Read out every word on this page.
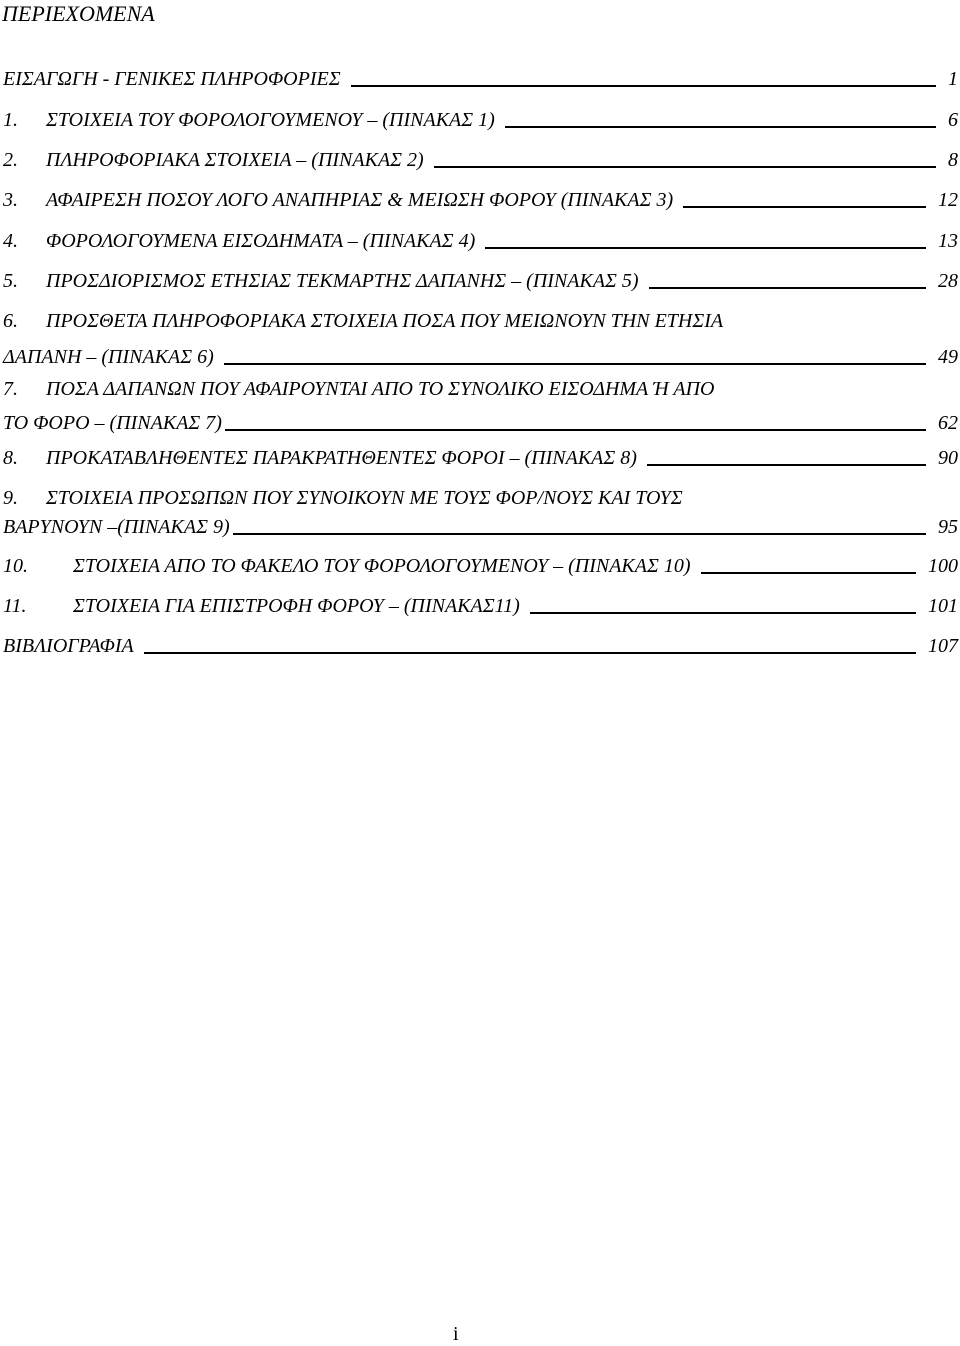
ΠΕΡΙΕΧΟΜΕΝΑ
ΕΙΣΑΓΩΓΗ - ΓΕΝΙΚΕΣ ΠΛΗΡΟΦΟΡΙΕΣ	1
1.	ΣΤΟΙΧΕΙΑ ΤΟΥ ΦΟΡΟΛΟΓΟΥΜΕΝΟΥ – (ΠΙΝΑΚΑΣ 1)	6
2.	ΠΛΗΡΟΦΟΡΙΑΚΑ ΣΤΟΙΧΕΙΑ – (ΠΙΝΑΚΑΣ 2)	8
3.	ΑΦΑΙΡΕΣΗ ΠΟΣΟΥ ΛΟΓΟ ΑΝΑΠΗΡΙΑΣ & ΜΕΙΩΣΗ ΦΟΡΟΥ (ΠΙΝΑΚΑΣ 3)	12
4.	ΦΟΡΟΛΟΓΟΥΜΕΝΑ ΕΙΣΟΔΗΜΑΤΑ – (ΠΙΝΑΚΑΣ 4)	13
5.	ΠΡΟΣΔΙΟΡΙΣΜΟΣ ΕΤΗΣΙΑΣ ΤΕΚΜΑΡΤΗΣ ΔΑΠΑΝΗΣ – (ΠΙΝΑΚΑΣ 5)	28
6. ΠΡΟΣΘΕΤΑ ΠΛΗΡΟΦΟΡΙΑΚΑ ΣΤΟΙΧΕΙΑ ΠΟΣΑ ΠΟΥ ΜΕΙΩΝΟΥΝ ΤΗΝ ΕΤΗΣΙΑ
ΔΑΠΑΝΗ – (ΠΙΝΑΚΑΣ 6)	49
7. ΠΟΣΑ ΔΑΠΑΝΩΝ ΠΟΥ ΑΦΑΙΡΟΥΝΤΑΙ ΑΠΟ ΤΟ ΣΥΝΟΛΙΚΟ ΕΙΣΟΔΗΜΑ Ή ΑΠΟ
ΤΟ ΦΟΡΟ – (ΠΙΝΑΚΑΣ 7)	62
8.	ΠΡΟΚΑΤΑΒΛΗΘΕΝΤΕΣ ΠΑΡΑΚΡΑΤΗΘΕΝΤΕΣ ΦΟΡΟΙ – (ΠΙΝΑΚΑΣ 8)	90
9. ΣΤΟΙΧΕΙΑ ΠΡΟΣΩΠΩΝ ΠΟΥ ΣΥΝΟΙΚΟΥΝ ΜΕ ΤΟΥΣ ΦΟΡ/ΝΟΥΣ ΚΑΙ ΤΟΥΣ
ΒΑΡΥΝΟΥΝ –(ΠΙΝΑΚΑΣ 9)	95
10.	ΣΤΟΙΧΕΙΑ ΑΠΟ ΤΟ ΦΑΚΕΛΟ ΤΟΥ ΦΟΡΟΛΟΓΟΥΜΕΝΟΥ – (ΠΙΝΑΚΑΣ 10)	100
11.	ΣΤΟΙΧΕΙΑ ΓΙΑ ΕΠΙΣΤΡΟΦΗ ΦΟΡΟΥ – (ΠΙΝΑΚΑΣ11)	101
ΒΙΒΛΙΟΓΡΑΦΙΑ	107
i
